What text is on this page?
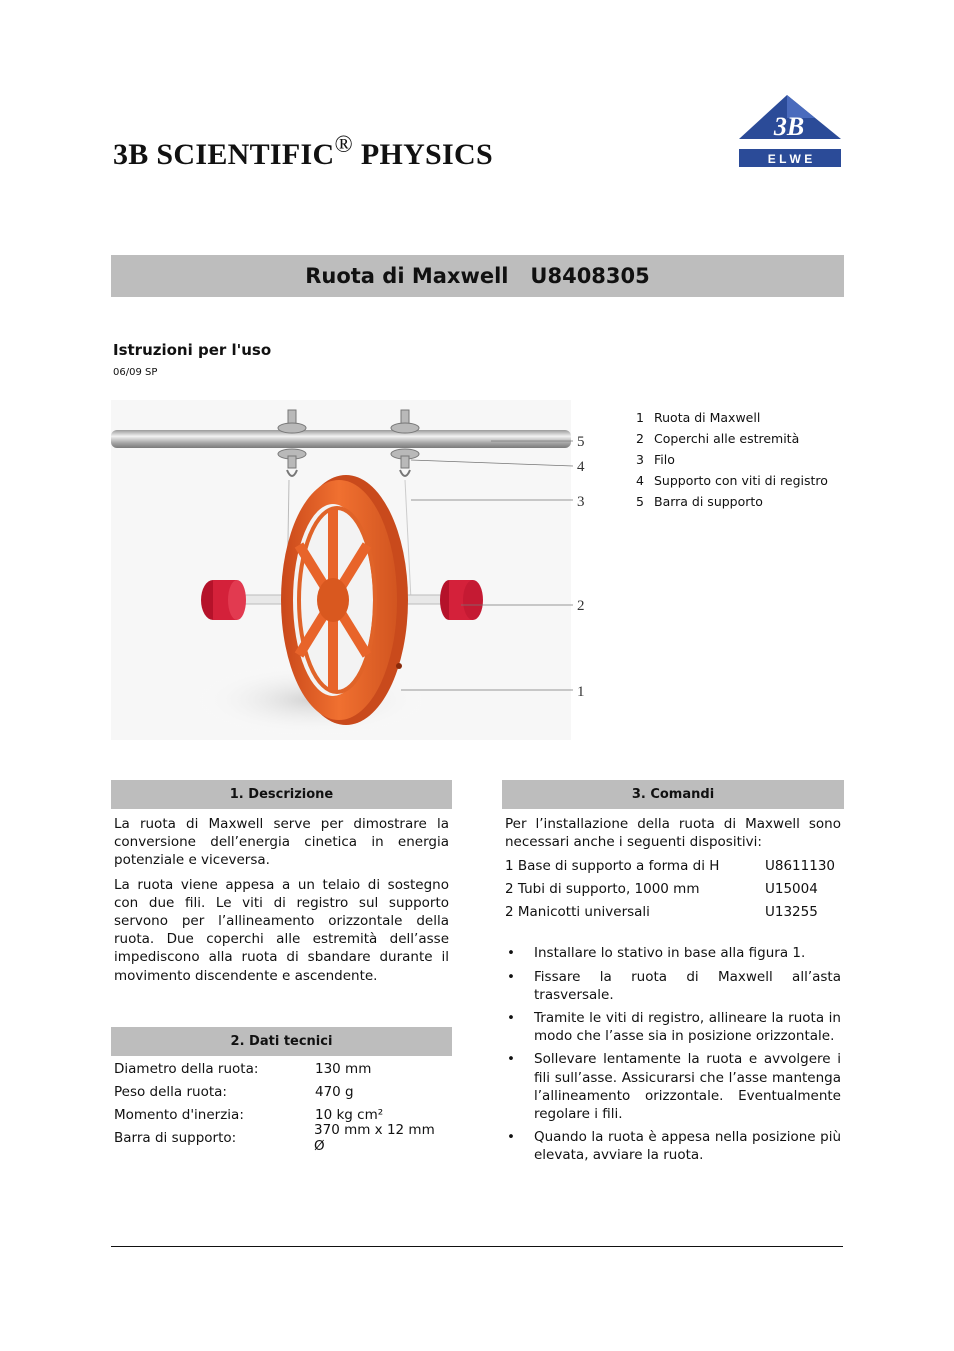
3B SCIENTIFIC® PHYSICS
3B
E L W E
Ruota di Maxwell
U8408305
Istruzioni per l'uso
06/09 SP
5
4
3
2
1
1 Ruota di Maxwell
2 Coperchi alle estremità
3 Filo
4 Supporto con viti di registro
5 Barra di supporto
1. Descrizione
La ruota di Maxwell serve per dimostrare la conversione dell’energia cinetica in energia potenziale e viceversa.
La ruota viene appesa a un telaio di sostegno con due fili. Le viti di registro sul supporto servono per l’allineamento orizzontale della ruota. Due coperchi alle estremità dell’asse impediscono alla ruota di sbandare durante il movimento discendente e ascendente.
2. Dati tecnici
Diametro della ruota:	130 mm
Peso della ruota:	470 g
Momento d'inerzia:	10 kg cm²
Barra di supporto:	370 mm x 12 mm Ø
3. Comandi
Per l’installazione della ruota di Maxwell sono necessari anche i seguenti dispositivi:
1 Base di supporto a forma di H	U8611130
2 Tubi di supporto, 1000 mm	U15004
2 Manicotti universali	U13255
•	Installare lo stativo in base alla figura 1.
•	Fissare la ruota di Maxwell all’asta trasversale.
•	Tramite le viti di registro, allineare la ruota in modo che l’asse sia in posizione orizzontale.
•	Sollevare lentamente la ruota e avvolgere i fili sull’asse. Assicurarsi che l’asse mantenga l’allineamento orizzontale. Eventualmente regolare i fili.
•	Quando la ruota è appesa nella posizione più elevata, avviare la ruota.
